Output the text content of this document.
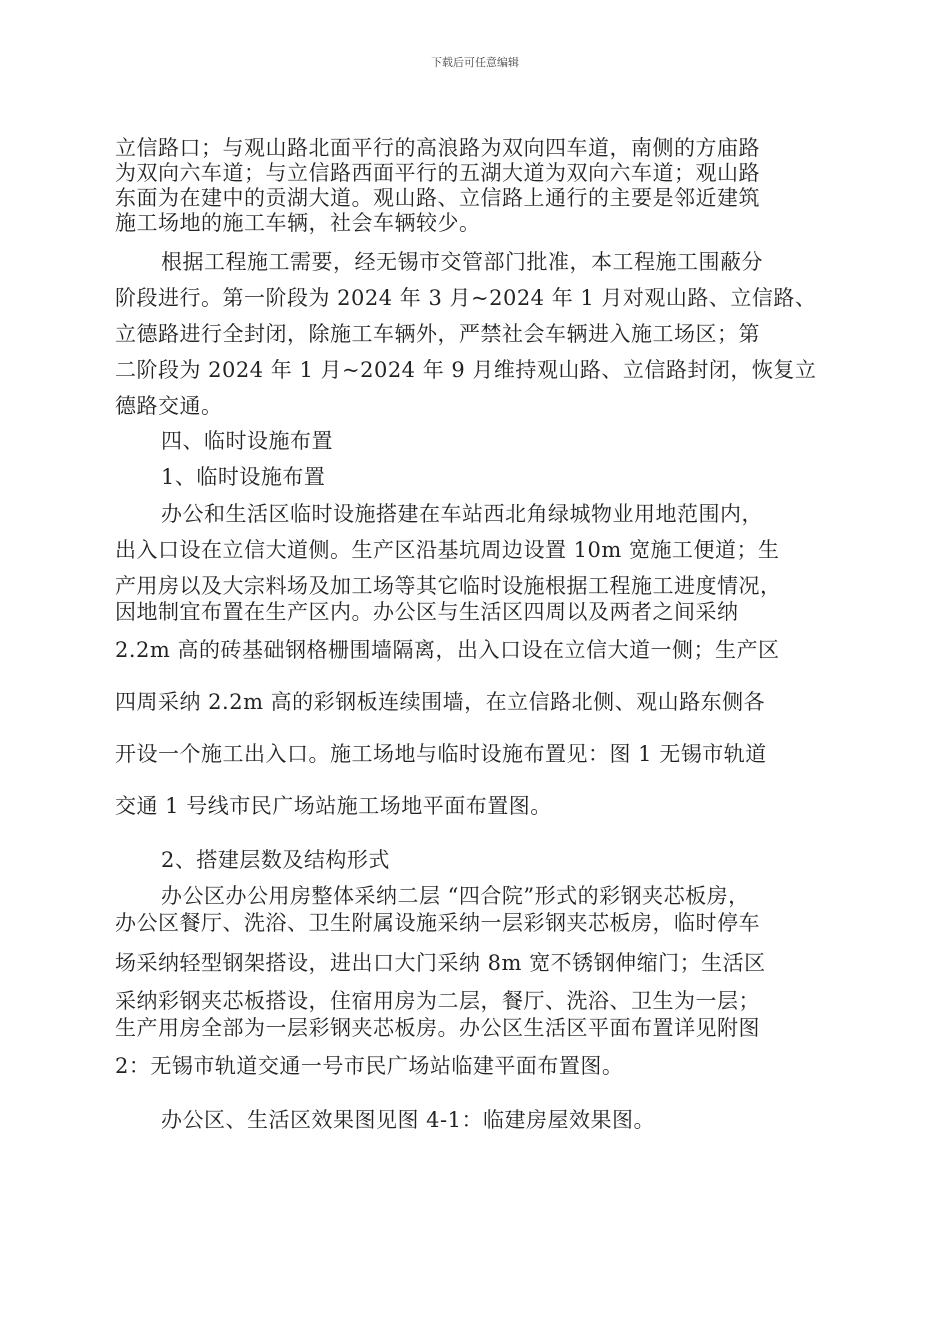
下载后可任意编辑
立信路口；与观山路北面平行的高浪路为双向四车道，南侧的方庙路
为双向六车道；与立信路西面平行的五湖大道为双向六车道；观山路
东面为在建中的贡湖大道。观山路、立信路上通行的主要是邻近建筑
施工场地的施工车辆，社会车辆较少。
根据工程施工需要，经无锡市交管部门批准，本工程施工围蔽分
阶段进行。第一阶段为 2024 年 3 月~2024 年 1 月对观山路、立信路、
立德路进行全封闭，除施工车辆外，严禁社会车辆进入施工场区；第
二阶段为 2024 年 1 月~2024 年 9 月维持观山路、立信路封闭，恢复立
德路交通。
四、临时设施布置
1、临时设施布置
办公和生活区临时设施搭建在车站西北角绿城物业用地范围内，
出入口设在立信大道侧。生产区沿基坑周边设置 10m 宽施工便道；生
产用房以及大宗料场及加工场等其它临时设施根据工程施工进度情况，
因地制宜布置在生产区内。办公区与生活区四周以及两者之间采纳
2.2m 高的砖基础钢格栅围墙隔离，出入口设在立信大道一侧；生产区
四周采纳 2.2m 高的彩钢板连续围墙，在立信路北侧、观山路东侧各
开设一个施工出入口。施工场地与临时设施布置见：图 1 无锡市轨道
交通 1 号线市民广场站施工场地平面布置图。
2、搭建层数及结构形式
办公区办公用房整体采纳二层 “四合院”形式的彩钢夹芯板房，
办公区餐厅、洗浴、卫生附属设施采纳一层彩钢夹芯板房，临时停车
场采纳轻型钢架搭设，进出口大门采纳 8m 宽不锈钢伸缩门；生活区
采纳彩钢夹芯板搭设，住宿用房为二层，餐厅、洗浴、卫生为一层；
生产用房全部为一层彩钢夹芯板房。办公区生活区平面布置详见附图
2：无锡市轨道交通一号市民广场站临建平面布置图。
办公区、生活区效果图见图 4-1：临建房屋效果图。
